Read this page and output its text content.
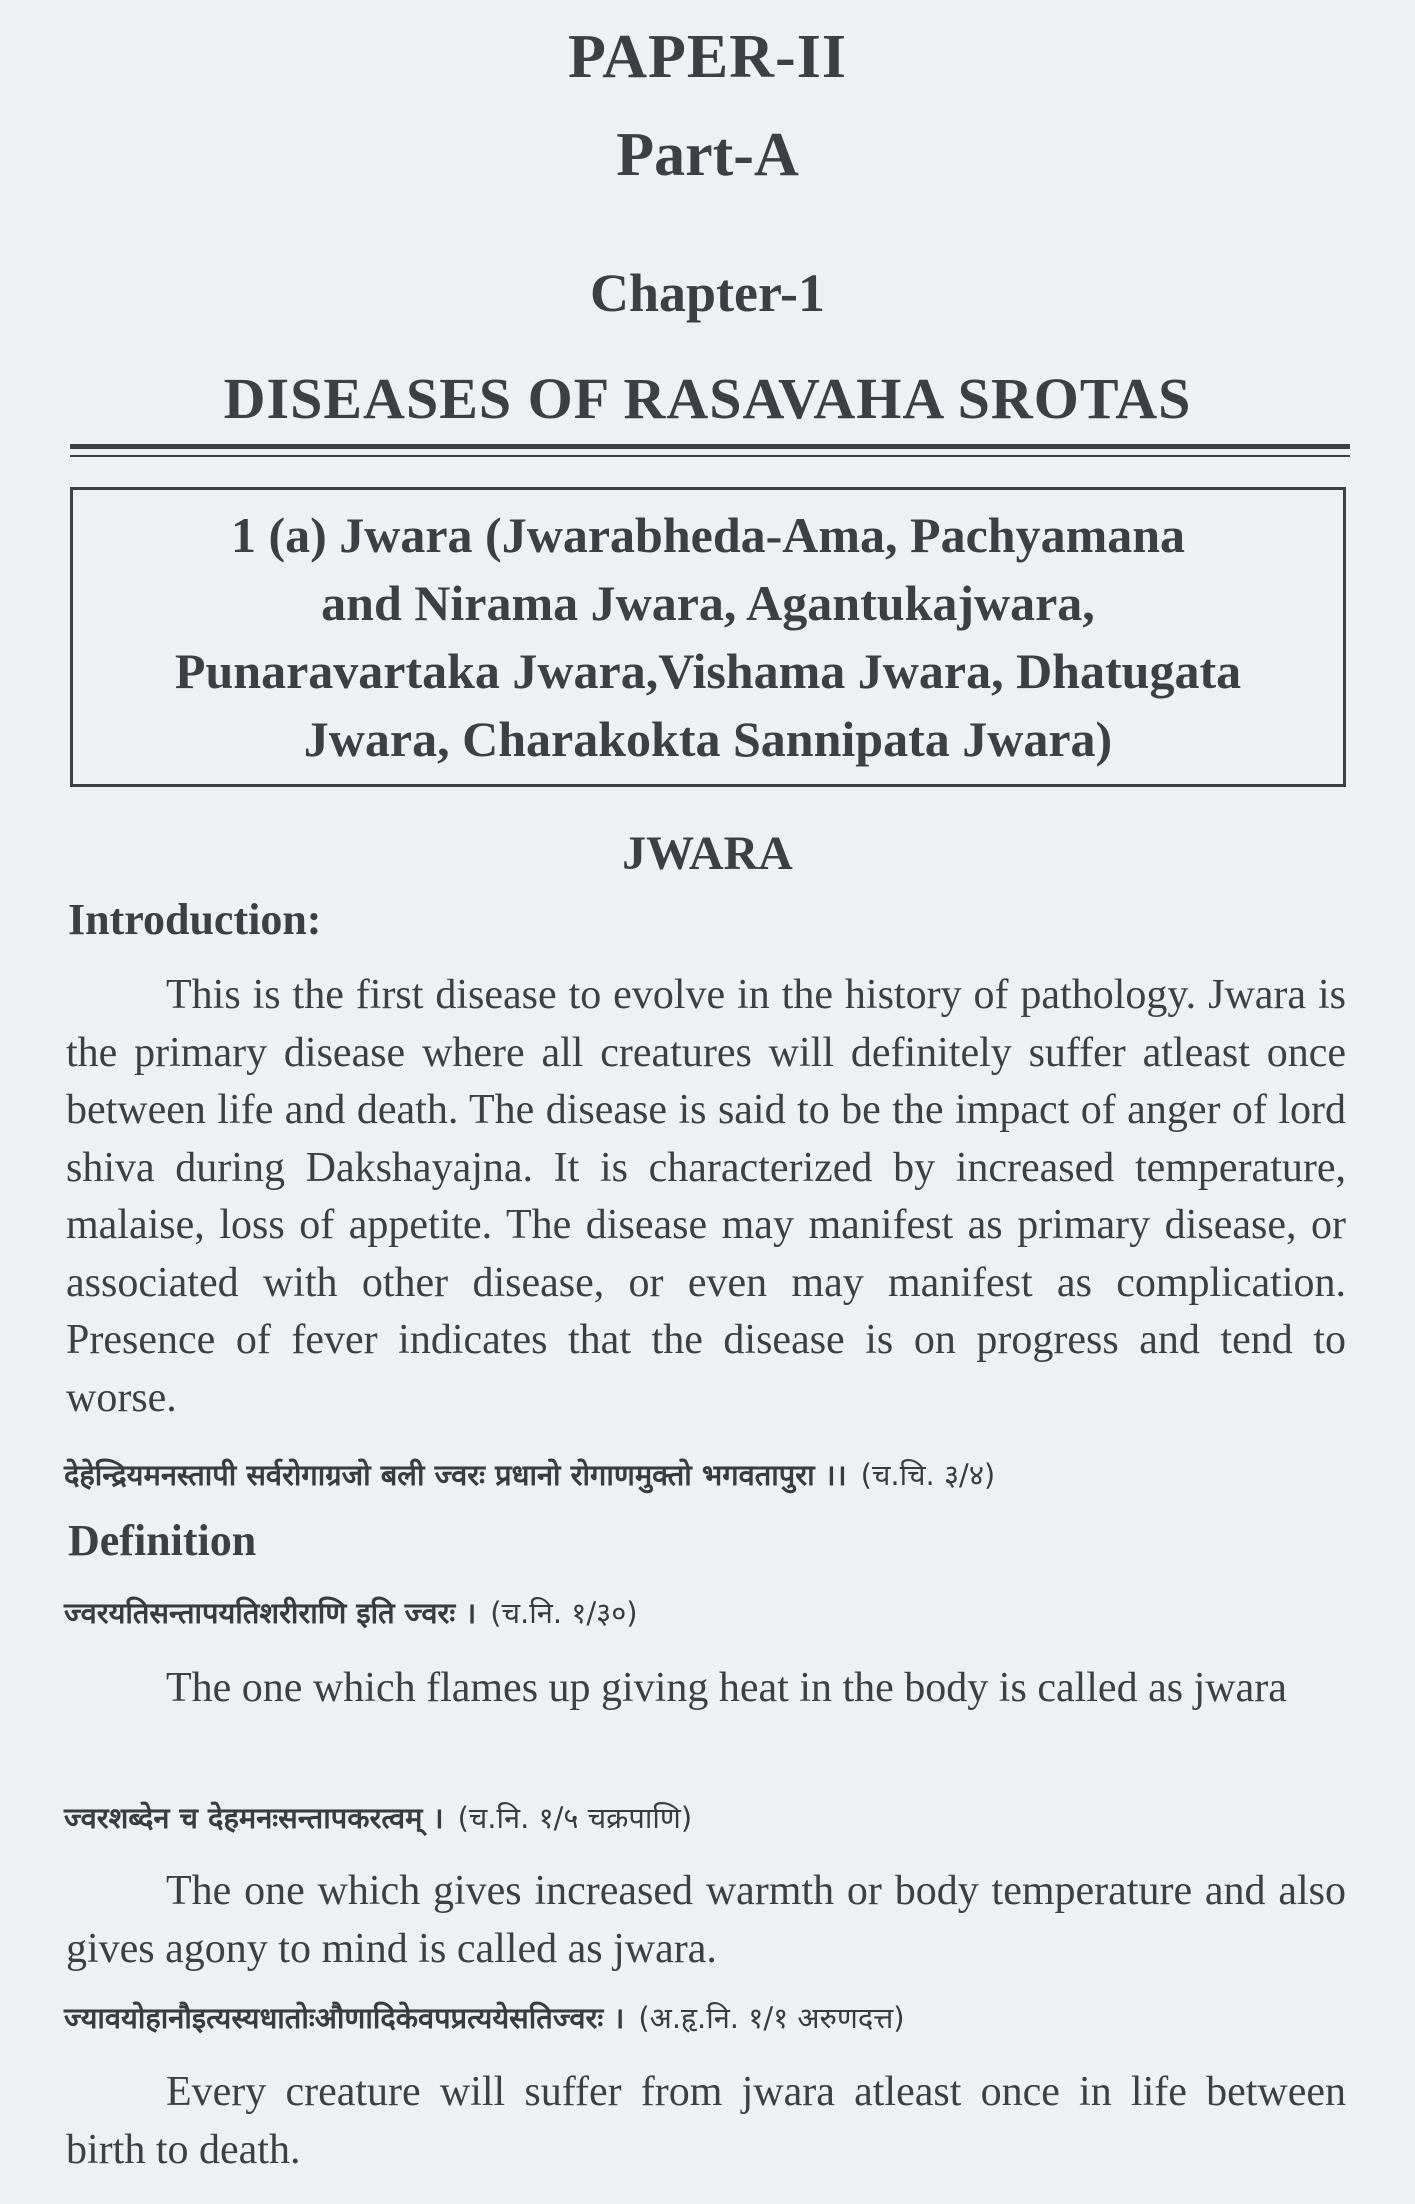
PAPER-II
Part-A
Chapter-1
DISEASES OF RASAVAHA SROTAS
1 (a) Jwara (Jwarabheda-Ama, Pachyamana
and Nirama Jwara, Agantukajwara,
Punaravartaka Jwara,Vishama Jwara, Dhatugata
Jwara, Charakokta Sannipata Jwara)
JWARA
Introduction:

This is the first disease to evolve in the history of pathology. Jwara is the primary disease where all creatures will definitely suffer atleast once between life and death. The disease is said to be the impact of anger of lord shiva during Dakshayajna. It is characterized by increased temperature, malaise, loss of appetite. The disease may manifest as primary disease, or associated with other disease, or even may manifest as complication. Presence of fever indicates that the disease is on progress and tend to worse.

देहेन्द्रियमनस्तापी सर्वरोगाग्रजो बली ज्वरः प्रधानो रोगाणमुक्तो भगवतापुरा ।। (च.चि. ३/४)
Definition
ज्वरयतिसन्तापयतिशरीराणि इति ज्वरः । (च.नि. १/३०)

The one which flames up giving heat in the body is called as jwara

ज्वरशब्देन च देहमनःसन्तापकरत्वम् । (च.नि. १/५ चक्रपाणि)

The one which gives increased warmth or body temperature and also gives agony to mind is called as jwara.

ज्यावयोहानौइत्यस्यधातोःऔणादिकेवपप्रत्ययेसतिज्वरः । (अ.हृ.नि. १/१ अरुणदत्त)

Every creature will suffer from jwara atleast once in life between birth to death.
